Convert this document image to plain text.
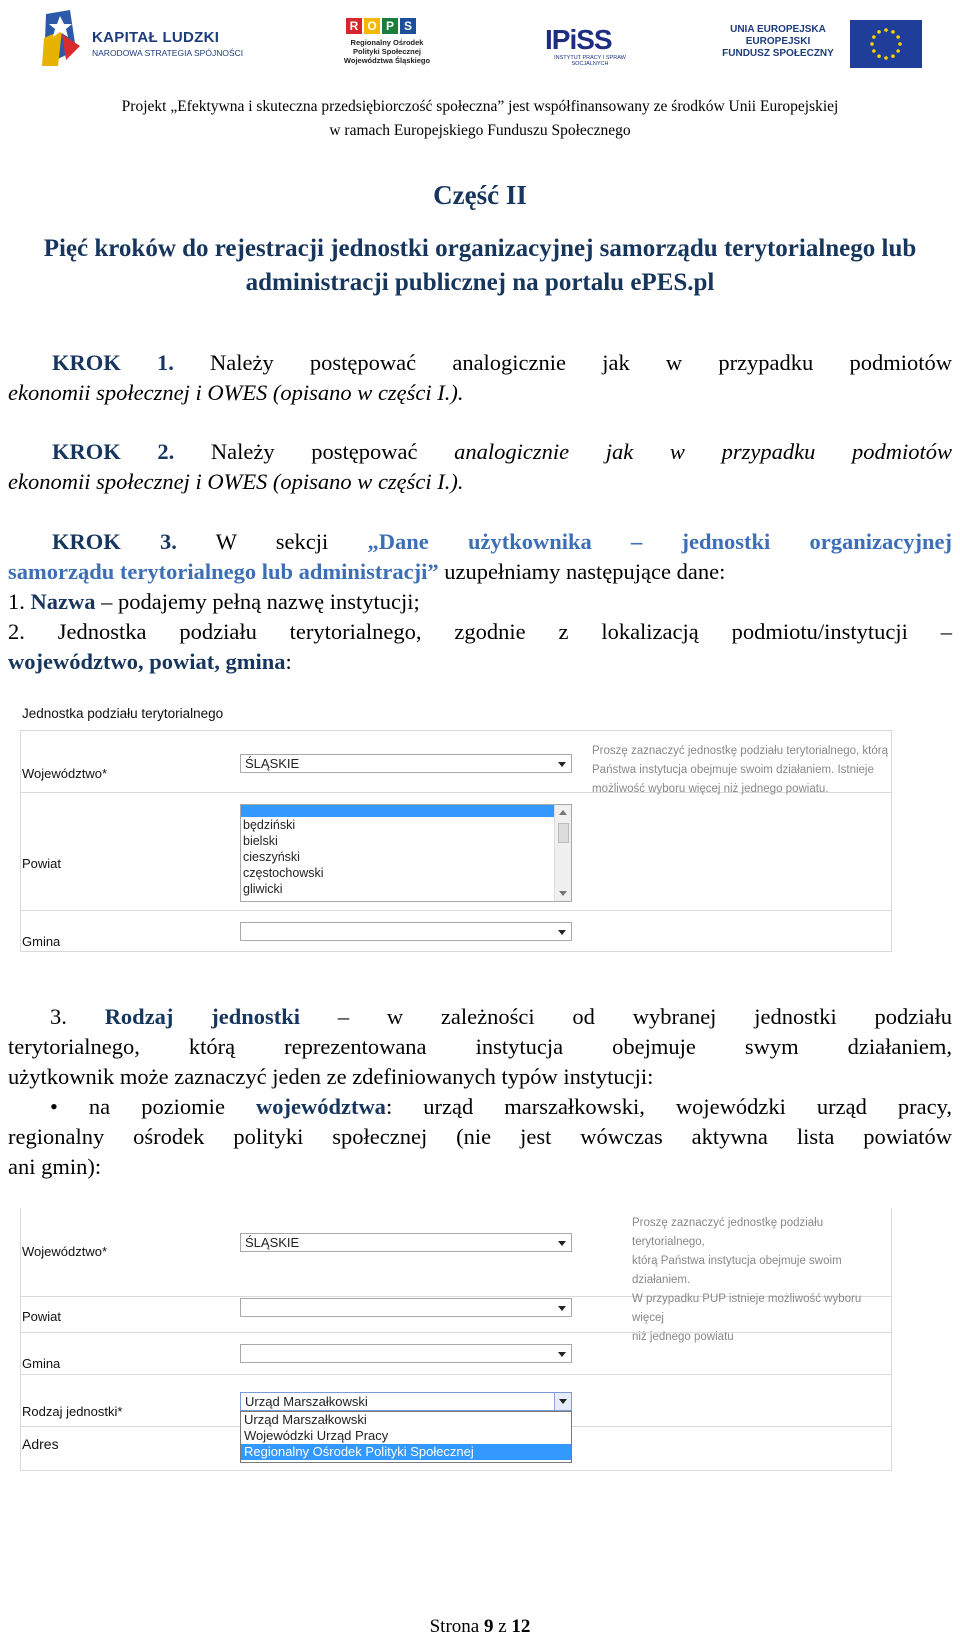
KAPITAŁ LUDZKI
NARODOWA STRATEGIA SPÓJNOŚCI
R O P S
Regionalny Ośrodek
Polityki Społecznej
Województwa Śląskiego
IPiSS
INSTYTUT PRACY I SPRAW SOCJALNYCH
UNIA EUROPEJSKA
EUROPEJSKI
FUNDUSZ SPOŁECZNY
Projekt „Efektywna i skuteczna przedsiębiorczość społeczna” jest współfinansowany ze środków Unii Europejskiej
w ramach Europejskiego Funduszu Społecznego
Część II
Pięć kroków do rejestracji jednostki organizacyjnej samorządu terytorialnego lub administracji publicznej na portalu ePES.pl
KROK 1. Należy postępować analogicznie jak w przypadku podmiotów
ekonomii społecznej i OWES (opisano w części I.).
KROK 2. Należy postępować analogicznie jak w przypadku podmiotów
ekonomii społecznej i OWES (opisano w części I.).
KROK 3. W sekcji „Dane użytkownika – jednostki organizacyjnej
samorządu terytorialnego lub administracji” uzupełniamy następujące dane:
1. Nazwa – podajemy pełną nazwę instytucji;
2. Jednostka podziału terytorialnego, zgodnie z lokalizacją podmiotu/instytucji –
województwo, powiat, gmina:
Jednostka podziału terytorialnego
Województwo*
ŚLĄSKIE
Proszę zaznaczyć jednostkę podziału terytorialnego, którą
Państwa instytucja obejmuje swoim działaniem. Istnieje
możliwość wyboru więcej niż jednego powiatu.
Powiat
będziński
bielski
cieszyński
częstochowski
gliwicki
Gmina
3. Rodzaj jednostki – w zależności od wybranej jednostki podziału
terytorialnego, którą reprezentowana instytucja obejmuje swym działaniem,
użytkownik może zaznaczyć jeden ze zdefiniowanych typów instytucji:
• na poziomie województwa: urząd marszałkowski, wojewódzki urząd pracy,
regionalny ośrodek polityki społecznej (nie jest wówczas aktywna lista powiatów
ani gmin):
Województwo*
ŚLĄSKIE
Proszę zaznaczyć jednostkę podziału terytorialnego,
którą Państwa instytucja obejmuje swoim działaniem.
W przypadku PUP istnieje możliwość wyboru więcej
niż jednego powiatu
Powiat
Gmina
Rodzaj jednostki*
Urząd Marszałkowski
Urząd Marszałkowski
Wojewódzki Urząd Pracy
Regionalny Ośrodek Polityki Społecznej
Adres
Strona 9 z 12
